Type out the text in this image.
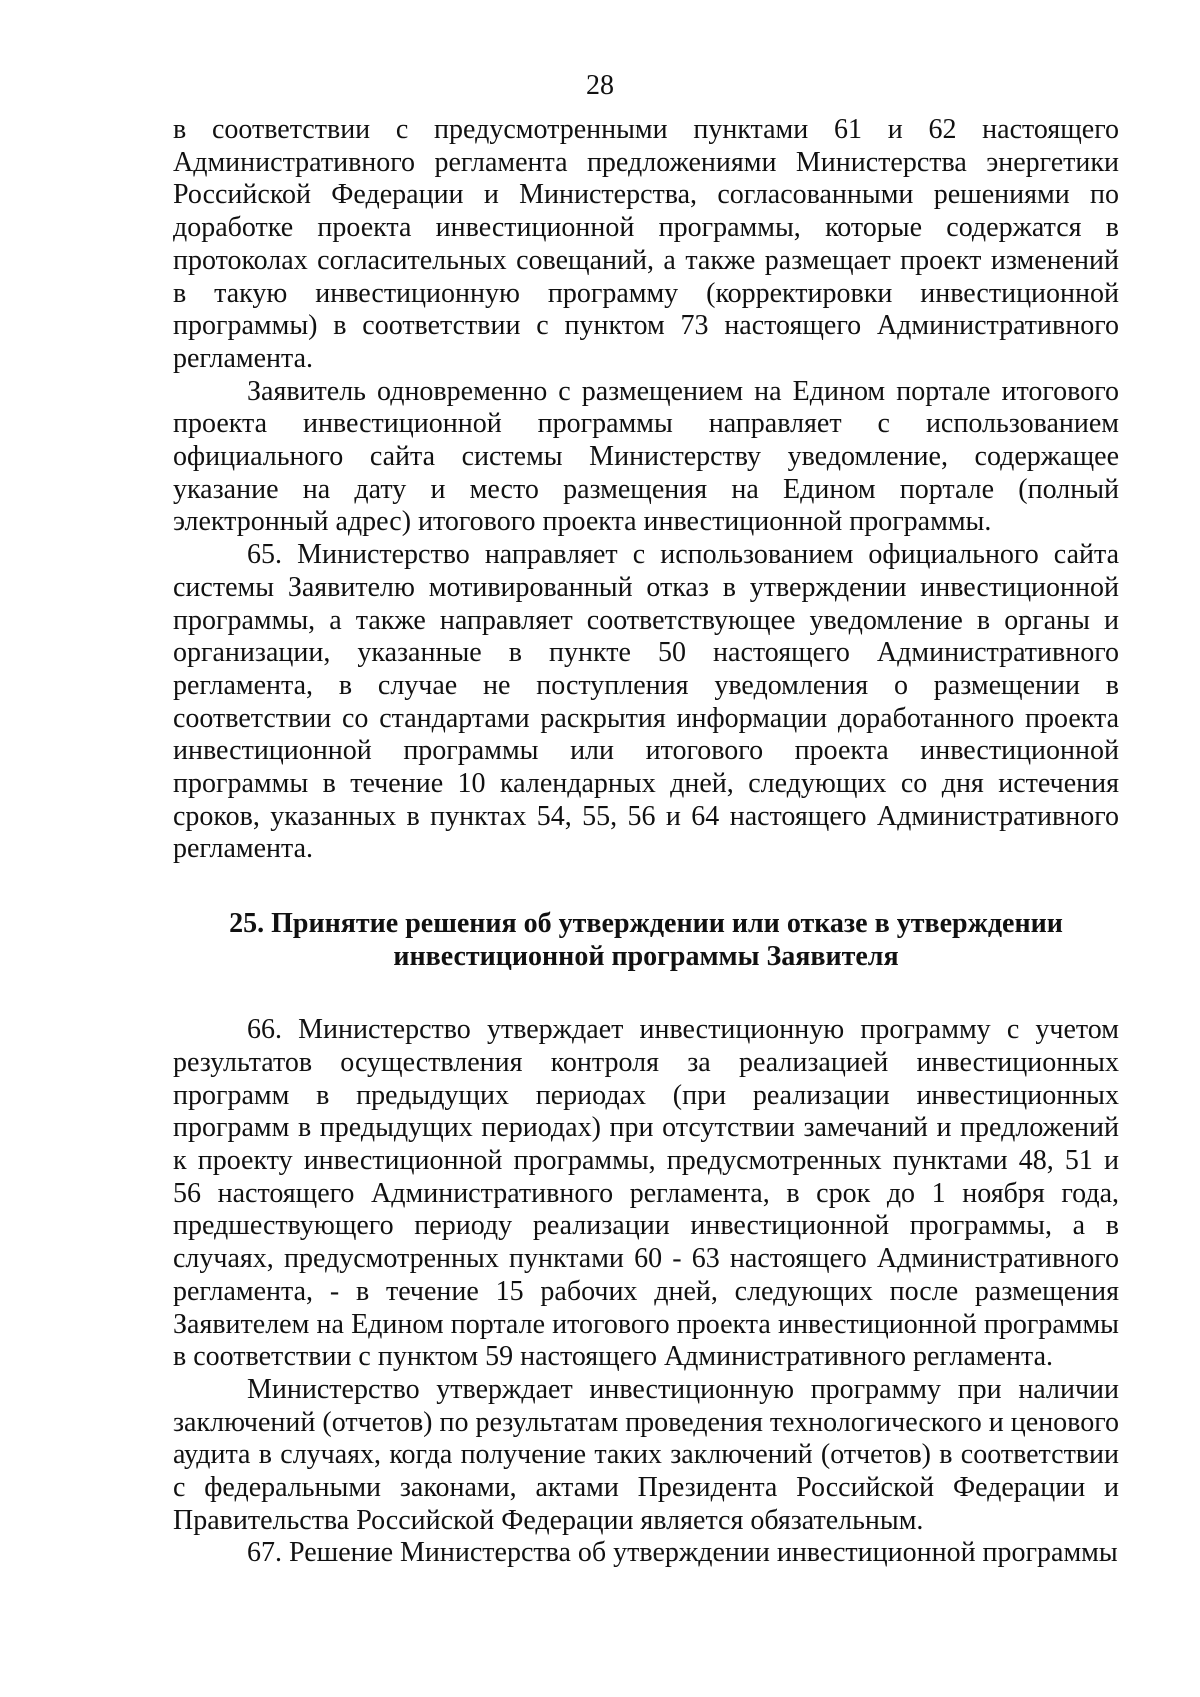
28

в соответствии с предусмотренными пунктами 61 и 62 настоящего Административного регламента предложениями Министерства энергетики Российской Федерации и Министерства, согласованными решениями по доработке проекта инвестиционной программы, которые содержатся в протоколах согласительных совещаний, а также размещает проект изменений в такую инвестиционную программу (корректировки инвестиционной программы) в соответствии с пунктом 73 настоящего Административного регламента.

Заявитель одновременно с размещением на Едином портале итогового проекта инвестиционной программы направляет с использованием официального сайта системы Министерству уведомление, содержащее указание на дату и место размещения на Едином портале (полный электронный адрес) итогового проекта инвестиционной программы.

65. Министерство направляет с использованием официального сайта системы Заявителю мотивированный отказ в утверждении инвестиционной программы, а также направляет соответствующее уведомление в органы и организации, указанные в пункте 50 настоящего Административного регламента, в случае не поступления уведомления о размещении в соответствии со стандартами раскрытия информации доработанного проекта инвестиционной программы или итогового проекта инвестиционной программы в течение 10 календарных дней, следующих со дня истечения сроков, указанных в пунктах 54, 55, 56 и 64 настоящего Административного регламента.

25. Принятие решения об утверждении или отказе в утверждении
инвестиционной программы Заявителя

66. Министерство утверждает инвестиционную программу с учетом результатов осуществления контроля за реализацией инвестиционных программ в предыдущих периодах (при реализации инвестиционных программ в предыдущих периодах) при отсутствии замечаний и предложений к проекту инвестиционной программы, предусмотренных пунктами 48, 51 и 56 настоящего Административного регламента, в срок до 1 ноября года, предшествующего периоду реализации инвестиционной программы, а в случаях, предусмотренных пунктами 60 - 63 настоящего Административного регламента, - в течение 15 рабочих дней, следующих после размещения Заявителем на Едином портале итогового проекта инвестиционной программы в соответствии с пунктом 59 настоящего Административного регламента.

Министерство утверждает инвестиционную программу при наличии заключений (отчетов) по результатам проведения технологического и ценового аудита в случаях, когда получение таких заключений (отчетов) в соответствии с федеральными законами, актами Президента Российской Федерации и Правительства Российской Федерации является обязательным.

67. Решение Министерства об утверждении инвестиционной программы
